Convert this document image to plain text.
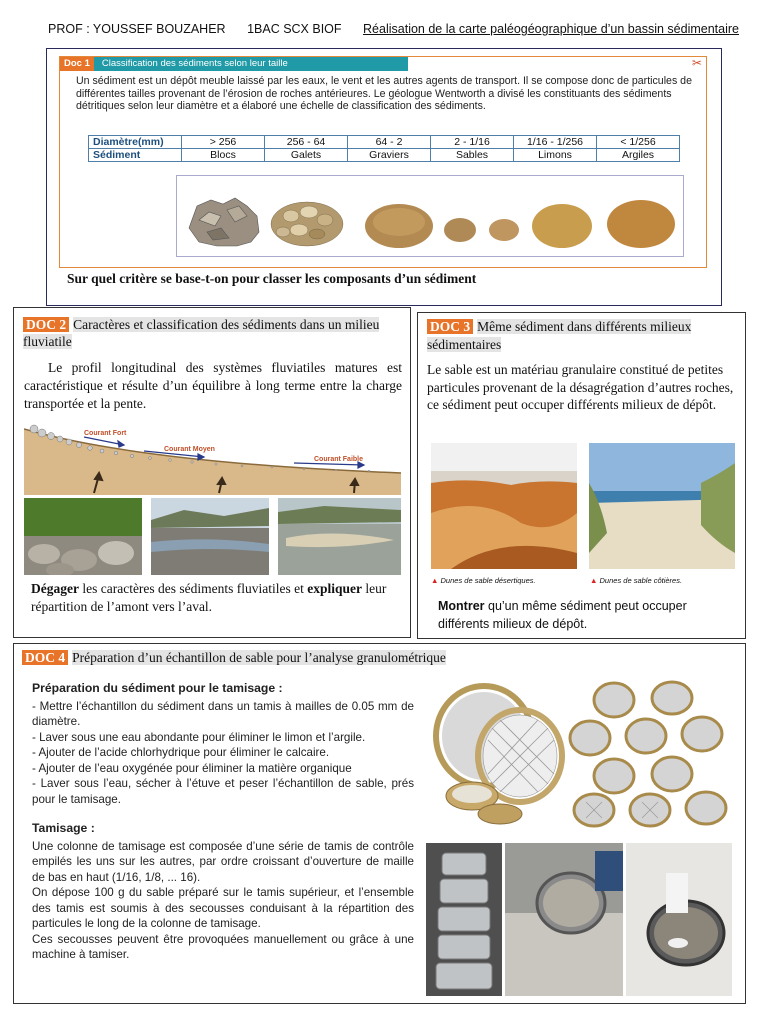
PROF : YOUSSEF BOUZAHER 1BAC SCX BIOF Réalisation de la carte paléogéographique d’un bassin sédimentaire
Doc 1	Classification des sédiments selon leur taille	✂
Un sédiment est un dépôt meuble laissé par les eaux, le vent et les autres agents de transport. Il se compose donc de particules de différentes tailles provenant de l’érosion de roches antérieures. Le géologue Wentworth a divisé les constituants des sédiments détritiques selon leur diamètre et a élaboré une échelle de classification des sédiments.
Diamètre(mm)	> 256	256 - 64	64 - 2	2 - 1/16	1/16 - 1/256	< 1/256
Sédiment	Blocs	Galets	Graviers	Sables	Limons	Argiles
Sur quel critère se base-t-on pour classer les composants d’un sédiment
DOC 2 Caractères et classification des sédiments dans un milieu fluviatile
Le profil longitudinal des systèmes fluviatiles matures est caractéristique et résulte d’un équilibre à long terme entre la charge transportée et la pente.
Courant Fort
Courant Moyen
Courant Faible
Dégager les caractères des sédiments fluviatiles et expliquer leur répartition de l’amont vers l’aval.
DOC 3 Même sédiment dans différents milieux sédimentaires
Le sable est un matériau granulaire constitué de petites particules provenant de la désagrégation d’autres roches, ce sédiment peut occuper différents milieux de dépôt.
▲ Dunes de sable désertiques.	▲ Dunes de sable côtières.
Montrer qu’un même sédiment peut occuper différents milieux de dépôt.
DOC 4 Préparation d’un échantillon de sable pour l’analyse granulométrique
Préparation du sédiment pour le tamisage :

- Mettre l’échantillon du sédiment dans un tamis à mailles de 0.05 mm de diamètre.

- Laver sous une eau abondante pour éliminer le limon et l’argile.

- Ajouter de l’acide chlorhydrique pour éliminer le calcaire.

- Ajouter de l’eau oxygénée pour éliminer la matière organique

- Laver sous l’eau, sécher à l’étuve et peser l’échantillon de sable, prés pour le tamisage.

Tamisage :

Une colonne de tamisage est composée d’une série de tamis de contrôle empilés les uns sur les autres, par ordre croissant d’ouverture de maille de bas en haut (1/16, 1/8, ... 16).

On dépose 100 g du sable préparé sur le tamis supérieur, et l’ensemble des tamis est soumis à des secousses conduisant à la répartition des particules le long de la colonne de tamisage.

Ces secousses peuvent être provoquées manuellement ou grâce à une machine à tamiser.
